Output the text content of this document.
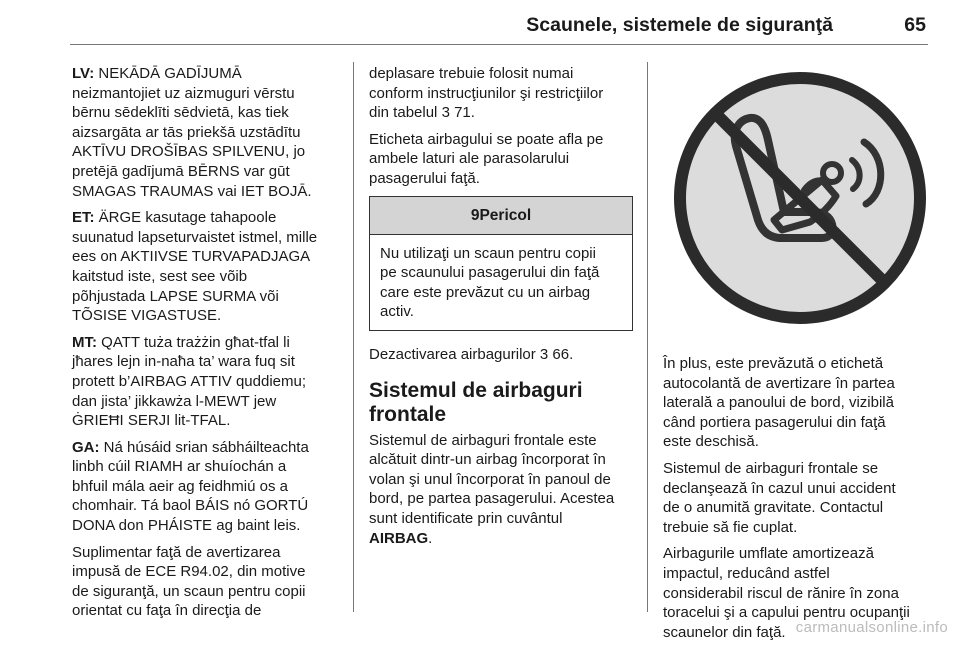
Scaunele, sistemele de siguranţă	65

LV: NEKĀDĀ GADĪJUMĀ
neizmantojiet uz aizmuguri vērstu
bērnu sēdeklīti sēdvietā, kas tiek
aizsargāta ar tās priekšā uzstādītu
AKTĪVU DROŠĪBAS SPILVENU, jo
pretējā gadījumā BĒRNS var gūt
SMAGAS TRAUMAS vai IET BOJĀ.

ET: ÄRGE kasutage tahapoole
suunatud lapseturvaistet istmel, mille
ees on AKTIIVSE TURVAPADJAGA
kaitstud iste, sest see võib
põhjustada LAPSE SURMA või
TÕSISE VIGASTUSE.

MT: QATT tuża trażżin għat-tfal li
jħares lejn in-naħa ta’ wara fuq sit
protett b’AIRBAG ATTIV quddiemu;
dan jista’ jikkawża l-MEWT jew
ĠRIEĦI SERJI lit-TFAL.

GA: Ná húsáid srian sábháilteachta
linbh cúil RIAMH ar shuíochán a
bhfuil mála aeir ag feidhmiú os a
chomhair. Tá baol BÁIS nó GORTÚ
DONA don PHÁISTE ag baint leis.

Suplimentar faţă de avertizarea
impusă de ECE R94.02, din motive
de siguranţă, un scaun pentru copii
orientat cu faţa în direcţia de

deplasare trebuie folosit numai
conform instrucţiunilor şi restricţiilor
din tabelul 3 71.

Eticheta airbagului se poate afla pe
ambele laturi ale parasolarului
pasagerului faţă.

9Pericol
Nu utilizaţi un scaun pentru copii
pe scaunului pasagerului din faţă
care este prevăzut cu un airbag
activ.

Dezactivarea airbagurilor 3 66.

Sistemul de airbaguri
frontale

Sistemul de airbaguri frontale este
alcătuit dintr-un airbag încorporat în
volan şi unul încorporat în panoul de
bord, pe partea pasagerului. Acestea
sunt identificate prin cuvântul
AIRBAG.

În plus, este prevăzută o etichetă
autocolantă de avertizare în partea
laterală a panoului de bord, vizibilă
când portiera pasagerului din faţă
este deschisă.

Sistemul de airbaguri frontale se
declanşează în cazul unui accident
de o anumită gravitate. Contactul
trebuie să fie cuplat.

Airbagurile umflate amortizează
impactul, reducând astfel
considerabil riscul de rănire în zona
toracelui şi a capului pentru ocupanţii
scaunelor din faţă. carmanualsonline.info
